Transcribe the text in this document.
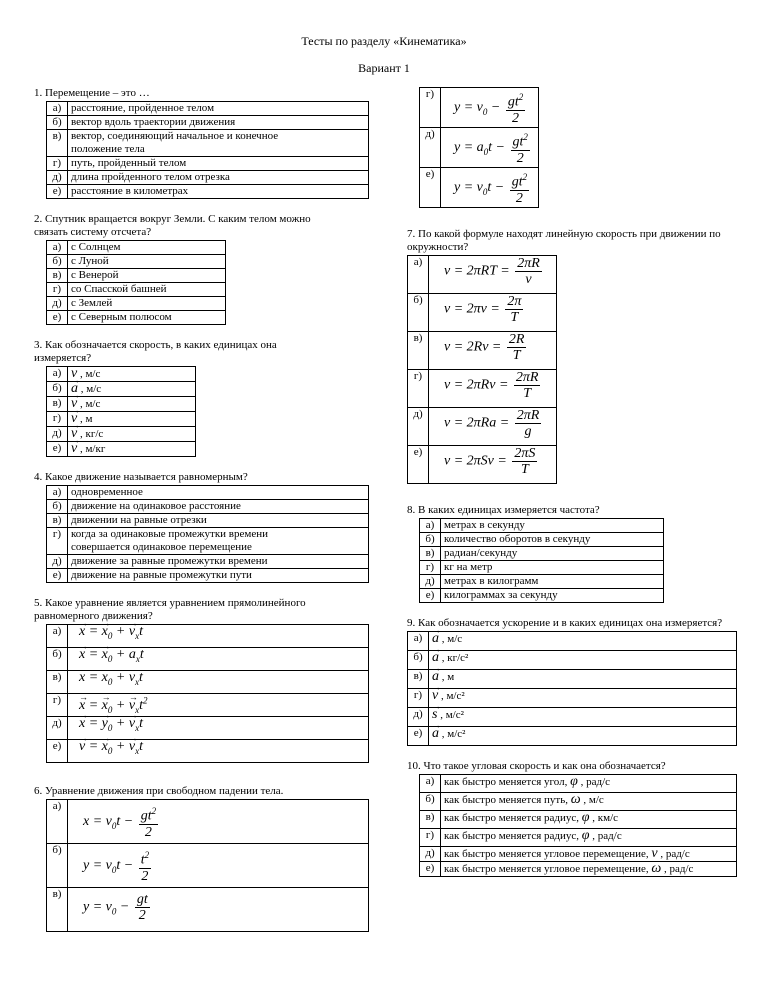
Тесты по разделу «Кинематика»
Вариант 1
1. Перемещение – это …
а)	расстояние, пройденное телом
б)	вектор вдоль траектории движения
в)	вектор, соединяющий начальное и конечное положение тела
г)	путь, пройденный телом
д)	длина пройденного телом отрезка
е)	расстояние в километрах
2. Спутник вращается вокруг Земли. С каким телом можно связать систему отсчета?
а)	с Солнцем
б)	с Луной
в)	с Венерой
г)	со Спасской башней
д)	с Землей
е)	с Северным полюсом
3. Как обозначается скорость, в каких единицах она измеряется?
а)	v , м/с
б)	→ a , м/с
в)	→ v , м/с
г)	→ v , м
д)	→ v , кг/с
е)	→ v , м/кг
4. Какое движение называется равномерным?
а)	одновременное
б)	движение на одинаковое расстояние
в)	движении на равные отрезки
г)	когда за одинаковые промежутки времени совершается одинаковое перемещение
д)	движение за равные промежутки времени
е)	движение на равные промежутки пути
5. Какое уравнение является уравнением прямолинейного равномерного движения?
а)	→ x = → $x_0$ + → $v_xt$
б)	→ x = → $x_0 + a_xt$
в)	$x = x_0 + v_xt$
г)	→ x = → $x_0$ + → $v_xt^2$
д)	→ x = → $y_0$ + → $v_xt$
е)	→ v = → $x_0$ + → $v_xt$
6. Уравнение движения при свободном падении тела.
а)	$x = v_0t - \frac{gt^2}{2}$

б)	$y = v_0t - \frac{t^2}{2}$

в)	$y = v_0 - \frac{gt}{2}$
г)	$y = v_0 - \frac{gt^2}{2}$

д)	$y = a_0t - \frac{gt^2}{2}$

е)	$y = v_0t - \frac{gt^2}{2}$
7. По какой формуле находят линейную скорость при движении по окружности?
а)	$v = 2\pi RT = \frac{2\pi R}{\nu}$

б)	$v = 2\pi\nu = \frac{2\pi}{T}$

в)	$v = 2R\nu = \frac{2R}{T}$

г)	$v = 2\pi R\nu = \frac{2\pi R}{T}$

д)	$v = 2\pi Ra = \frac{2\pi R}{g}$

е)	$v = 2\pi S\nu = \frac{2\pi S}{T}$
8. В каких единицах измеряется частота?
а)	метрах в секунду
б)	количество оборотов в секунду
в)	радиан/секунду
г)	кг на метр
д)	метрах в килограмм
е)	килограммах за секунду
9. Как обозначается ускорение и в каких единицах она измеряется?
а)	→ a , м/с
б)	→ a , кг/с²
в)	→ a , м
г)	→ v , м/с²
д)	→ s , м/с²
е)	→ a , м/с²
10. Что такое угловая скорость и как она обозначается?
а)	как быстро меняется угол, φ , рад/с
б)	как быстро меняется путь, ω , м/с
в)	как быстро меняется радиус, φ , км/с
г)	как быстро меняется радиус, φ , рад/с
д)	как быстро меняется угловое перемещение, ν , рад/с
е)	как быстро меняется угловое перемещение, ω , рад/с
